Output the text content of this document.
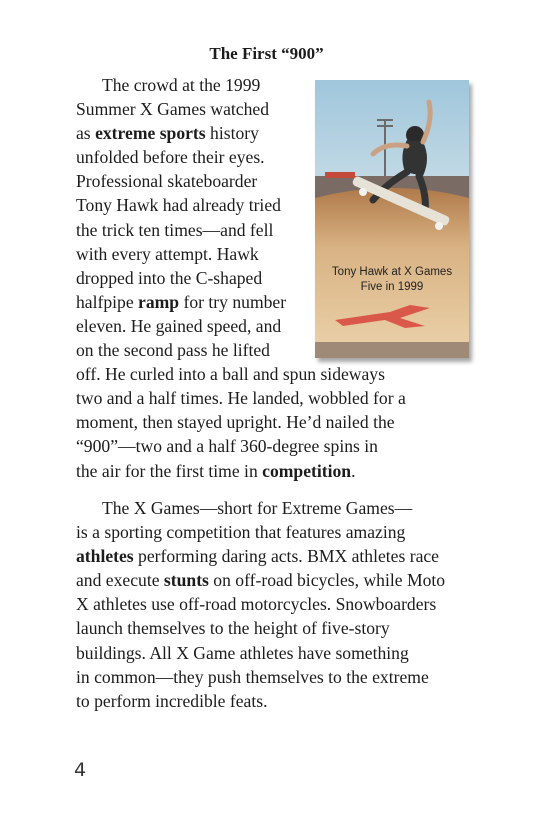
The First “900”

The crowd at the 1999
Summer X Games watched
as extreme sports history
unfolded before their eyes.
Professional skateboarder
Tony Hawk had already tried
the trick ten times—and fell
with every attempt. Hawk
dropped into the C-shaped
halfpipe ramp for try number
eleven. He gained speed, and
on the second pass he lifted
off. He curled into a ball and spun sideways
two and a half times. He landed, wobbled for a
moment, then stayed upright. He’d nailed the
“900”—two and a half 360-degree spins in
the air for the first time in competition.

The X Games—short for Extreme Games—
is a sporting competition that features amazing
athletes performing daring acts. BMX athletes race
and execute stunts on off-road bicycles, while Moto
X athletes use off-road motorcycles. Snowboarders
launch themselves to the height of five-story
buildings. All X Game athletes have something
in common—they push themselves to the extreme
to perform incredible feats.

Tony Hawk at X Games
Five in 1999
4
